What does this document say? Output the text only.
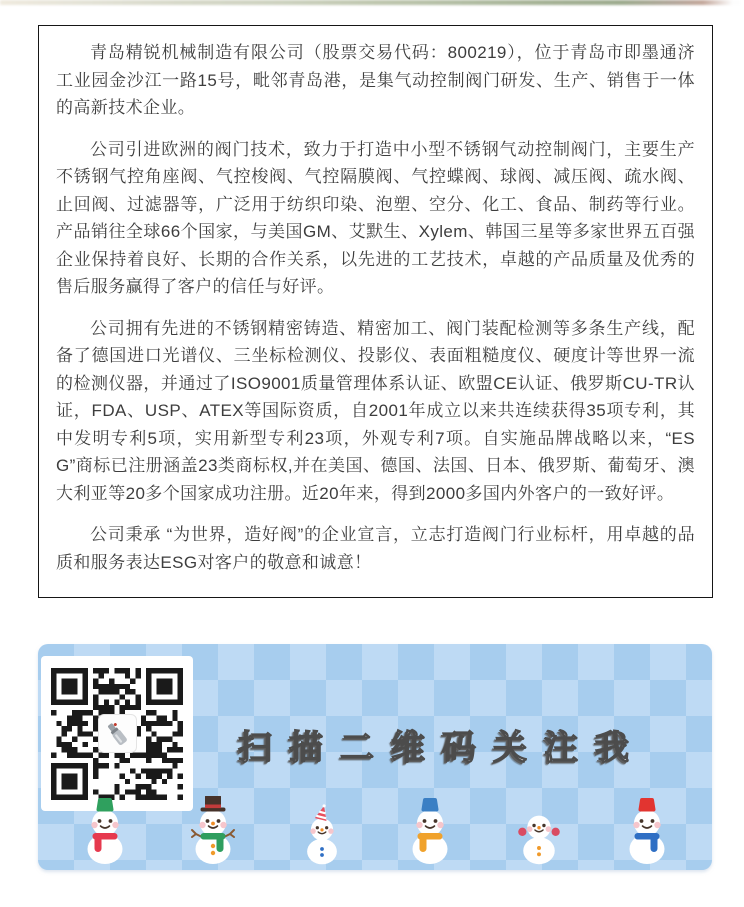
青岛精锐机械制造有限公司（股票交易代码：800219），位于青岛市即墨通济工业园金沙江一路15号，毗邻青岛港，是集气动控制阀门研发、生产、销售于一体的高新技术企业。

公司引进欧洲的阀门技术，致力于打造中小型不锈钢气动控制阀门，主要生产不锈钢气控角座阀、气控梭阀、气控隔膜阀、气控蝶阀、球阀、减压阀、疏水阀、止回阀、过滤器等，广泛用于纺织印染、泡塑、空分、化工、食品、制药等行业。产品销往全球66个国家，与美国GM、艾默生、Xylem、韩国三星等多家世界五百强企业保持着良好、长期的合作关系，以先进的工艺技术，卓越的产品质量及优秀的售后服务赢得了客户的信任与好评。

公司拥有先进的不锈钢精密铸造、精密加工、阀门装配检测等多条生产线，配备了德国进口光谱仪、三坐标检测仪、投影仪、表面粗糙度仪、硬度计等世界一流的检测仪器，并通过了ISO9001质量管理体系认证、欧盟CE认证、俄罗斯CU-TR认证，FDA、USP、ATEX等国际资质，自2001年成立以来共连续获得35项专利，其中发明专利5项，实用新型专利23项，外观专利7项。自实施品牌战略以来，“ESG”商标已注册涵盖23类商标权,并在美国、德国、法国、日本、俄罗斯、葡萄牙、澳大利亚等20多个国家成功注册。近20年来，得到2000多国内外客户的一致好评。

公司秉承 “为世界，造好阀”的企业宣言，立志打造阀门行业标杆，用卓越的品质和服务表达ESG对客户的敬意和诚意！

扫描二维码关注我
